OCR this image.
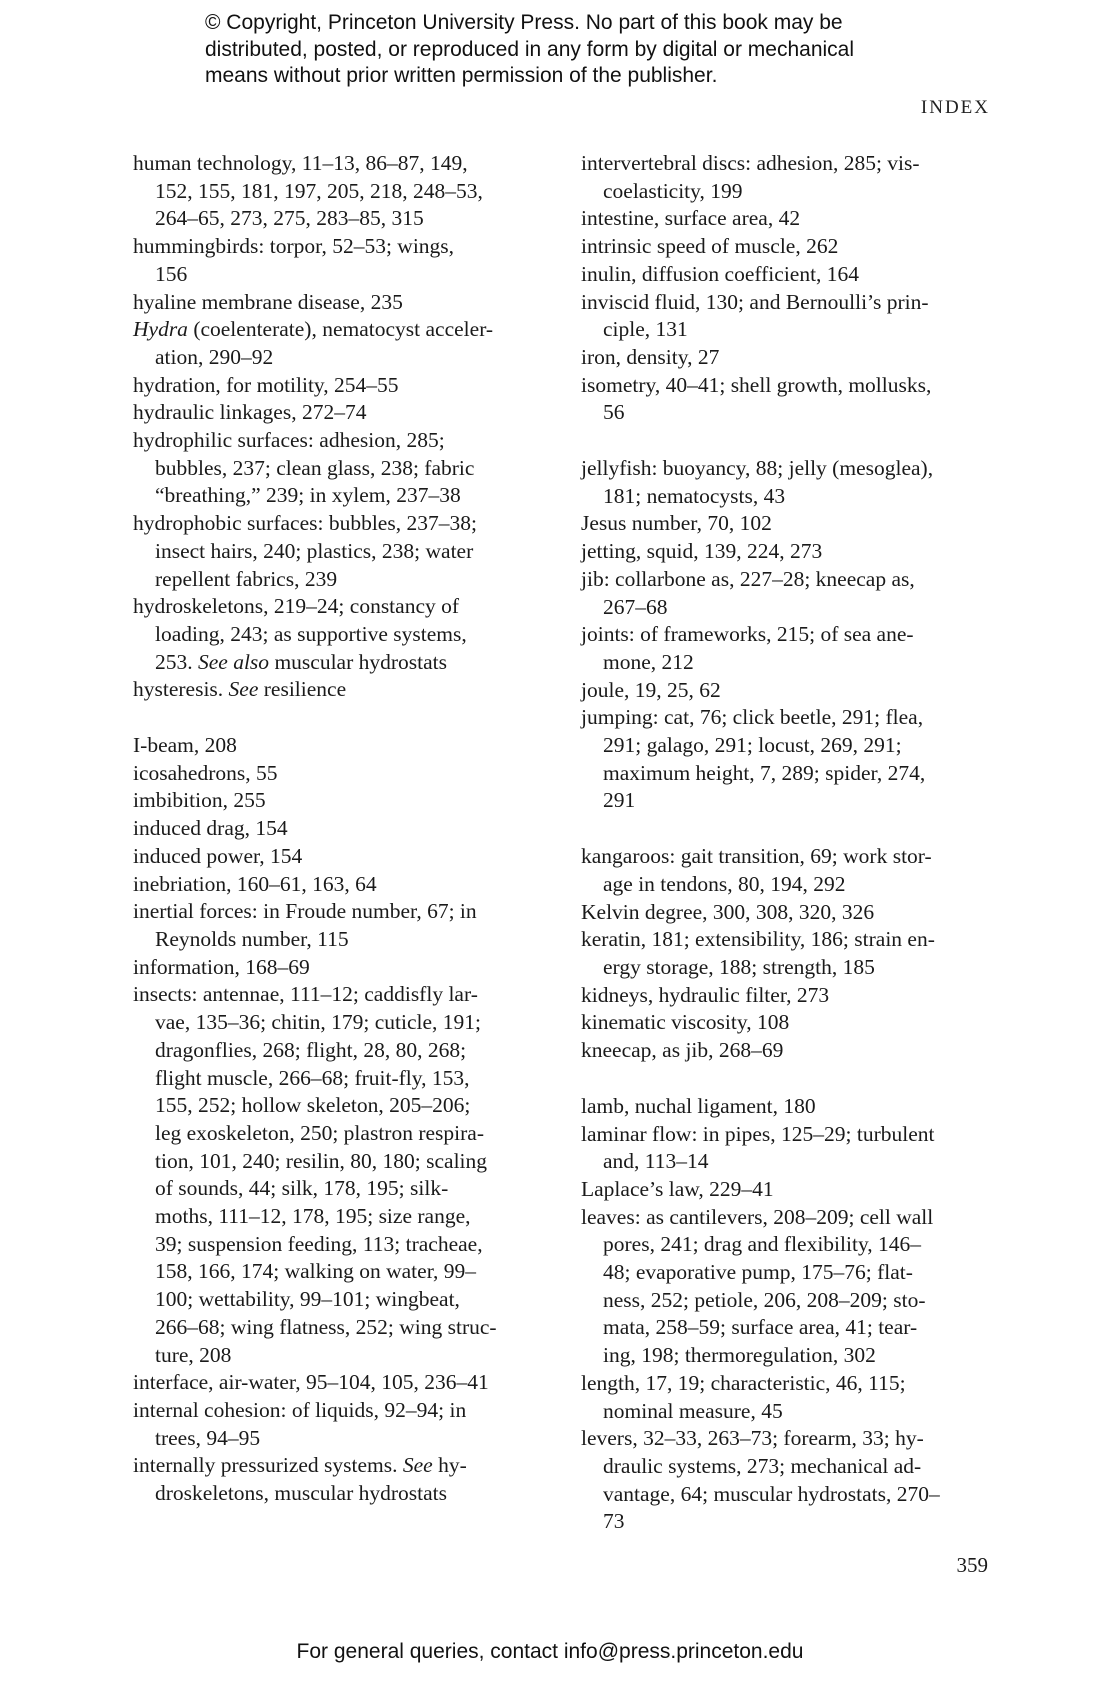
© Copyright, Princeton University Press. No part of this book may be
distributed, posted, or reproduced in any form by digital or mechanical
means without prior written permission of the publisher.
INDEX
human technology, 11–13, 86–87, 149,
152, 155, 181, 197, 205, 218, 248–53,
264–65, 273, 275, 283–85, 315
hummingbirds: torpor, 52–53; wings,
156
hyaline membrane disease, 235
Hydra (coelenterate), nematocyst acceler-
ation, 290–92
hydration, for motility, 254–55
hydraulic linkages, 272–74
hydrophilic surfaces: adhesion, 285;
bubbles, 237; clean glass, 238; fabric
“breathing,” 239; in xylem, 237–38
hydrophobic surfaces: bubbles, 237–38;
insect hairs, 240; plastics, 238; water
repellent fabrics, 239
hydroskeletons, 219–24; constancy of
loading, 243; as supportive systems,
253. See also muscular hydrostats
hysteresis. See resilience
I-beam, 208
icosahedrons, 55
imbibition, 255
induced drag, 154
induced power, 154
inebriation, 160–61, 163, 64
inertial forces: in Froude number, 67; in
Reynolds number, 115
information, 168–69
insects: antennae, 111–12; caddisfly lar-
vae, 135–36; chitin, 179; cuticle, 191;
dragonflies, 268; flight, 28, 80, 268;
flight muscle, 266–68; fruit-fly, 153,
155, 252; hollow skeleton, 205–206;
leg exoskeleton, 250; plastron respira-
tion, 101, 240; resilin, 80, 180; scaling
of sounds, 44; silk, 178, 195; silk-
moths, 111–12, 178, 195; size range,
39; suspension feeding, 113; tracheae,
158, 166, 174; walking on water, 99–
100; wettability, 99–101; wingbeat,
266–68; wing flatness, 252; wing struc-
ture, 208
interface, air-water, 95–104, 105, 236–41
internal cohesion: of liquids, 92–94; in
trees, 94–95
internally pressurized systems. See hy-
droskeletons, muscular hydrostats
intervertebral discs: adhesion, 285; vis-
coelasticity, 199
intestine, surface area, 42
intrinsic speed of muscle, 262
inulin, diffusion coefficient, 164
inviscid fluid, 130; and Bernoulli’s prin-
ciple, 131
iron, density, 27
isometry, 40–41; shell growth, mollusks,
56
jellyfish: buoyancy, 88; jelly (mesoglea),
181; nematocysts, 43
Jesus number, 70, 102
jetting, squid, 139, 224, 273
jib: collarbone as, 227–28; kneecap as,
267–68
joints: of frameworks, 215; of sea ane-
mone, 212
joule, 19, 25, 62
jumping: cat, 76; click beetle, 291; flea,
291; galago, 291; locust, 269, 291;
maximum height, 7, 289; spider, 274,
291
kangaroos: gait transition, 69; work stor-
age in tendons, 80, 194, 292
Kelvin degree, 300, 308, 320, 326
keratin, 181; extensibility, 186; strain en-
ergy storage, 188; strength, 185
kidneys, hydraulic filter, 273
kinematic viscosity, 108
kneecap, as jib, 268–69
lamb, nuchal ligament, 180
laminar flow: in pipes, 125–29; turbulent
and, 113–14
Laplace’s law, 229–41
leaves: as cantilevers, 208–209; cell wall
pores, 241; drag and flexibility, 146–
48; evaporative pump, 175–76; flat-
ness, 252; petiole, 206, 208–209; sto-
mata, 258–59; surface area, 41; tear-
ing, 198; thermoregulation, 302
length, 17, 19; characteristic, 46, 115;
nominal measure, 45
levers, 32–33, 263–73; forearm, 33; hy-
draulic systems, 273; mechanical ad-
vantage, 64; muscular hydrostats, 270–
73
359
For general queries, contact info@press.princeton.edu
